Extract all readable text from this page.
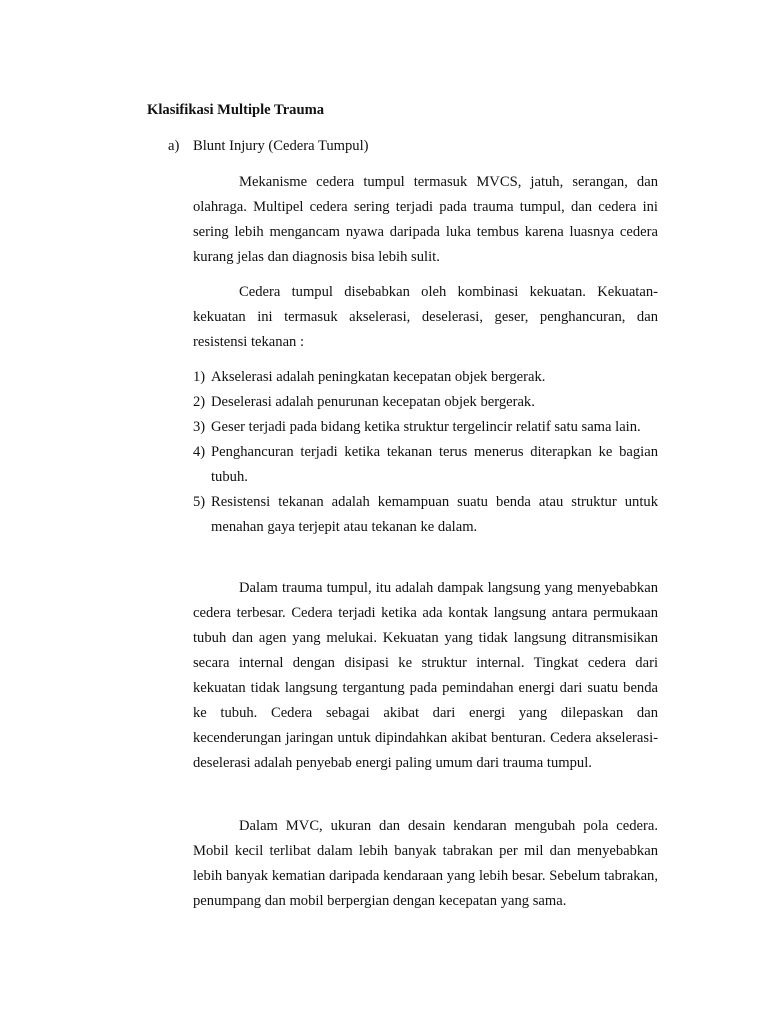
Klasifikasi Multiple Trauma
a) Blunt Injury (Cedera Tumpul)

Mekanisme cedera tumpul termasuk MVCS, jatuh, serangan, dan olahraga. Multipel cedera sering terjadi pada trauma tumpul, dan cedera ini sering lebih mengancam nyawa daripada luka tembus karena luasnya cedera kurang jelas dan diagnosis bisa lebih sulit.

Cedera tumpul disebabkan oleh kombinasi kekuatan. Kekuatan-kekuatan ini termasuk akselerasi, deselerasi, geser, penghancuran, dan resistensi tekanan :

1) Akselerasi adalah peningkatan kecepatan objek bergerak.
2) Deselerasi adalah penurunan kecepatan objek bergerak.
3) Geser terjadi pada bidang ketika struktur tergelincir relatif satu sama lain.
4) Penghancuran terjadi ketika tekanan terus menerus diterapkan ke bagian tubuh.
5) Resistensi tekanan adalah kemampuan suatu benda atau struktur untuk menahan gaya terjepit atau tekanan ke dalam.

Dalam trauma tumpul, itu adalah dampak langsung yang menyebabkan cedera terbesar. Cedera terjadi ketika ada kontak langsung antara permukaan tubuh dan agen yang melukai. Kekuatan yang tidak langsung ditransmisikan secara internal dengan disipasi ke struktur internal. Tingkat cedera dari kekuatan tidak langsung tergantung pada pemindahan energi dari suatu benda ke tubuh. Cedera sebagai akibat dari energi yang dilepaskan dan kecenderungan jaringan untuk dipindahkan akibat benturan. Cedera akselerasi-deselerasi adalah penyebab energi paling umum dari trauma tumpul.

Dalam MVC, ukuran dan desain kendaran mengubah pola cedera. Mobil kecil terlibat dalam lebih banyak tabrakan per mil dan menyebabkan lebih banyak kematian daripada kendaraan yang lebih besar. Sebelum tabrakan, penumpang dan mobil berpergian dengan kecepatan yang sama.
